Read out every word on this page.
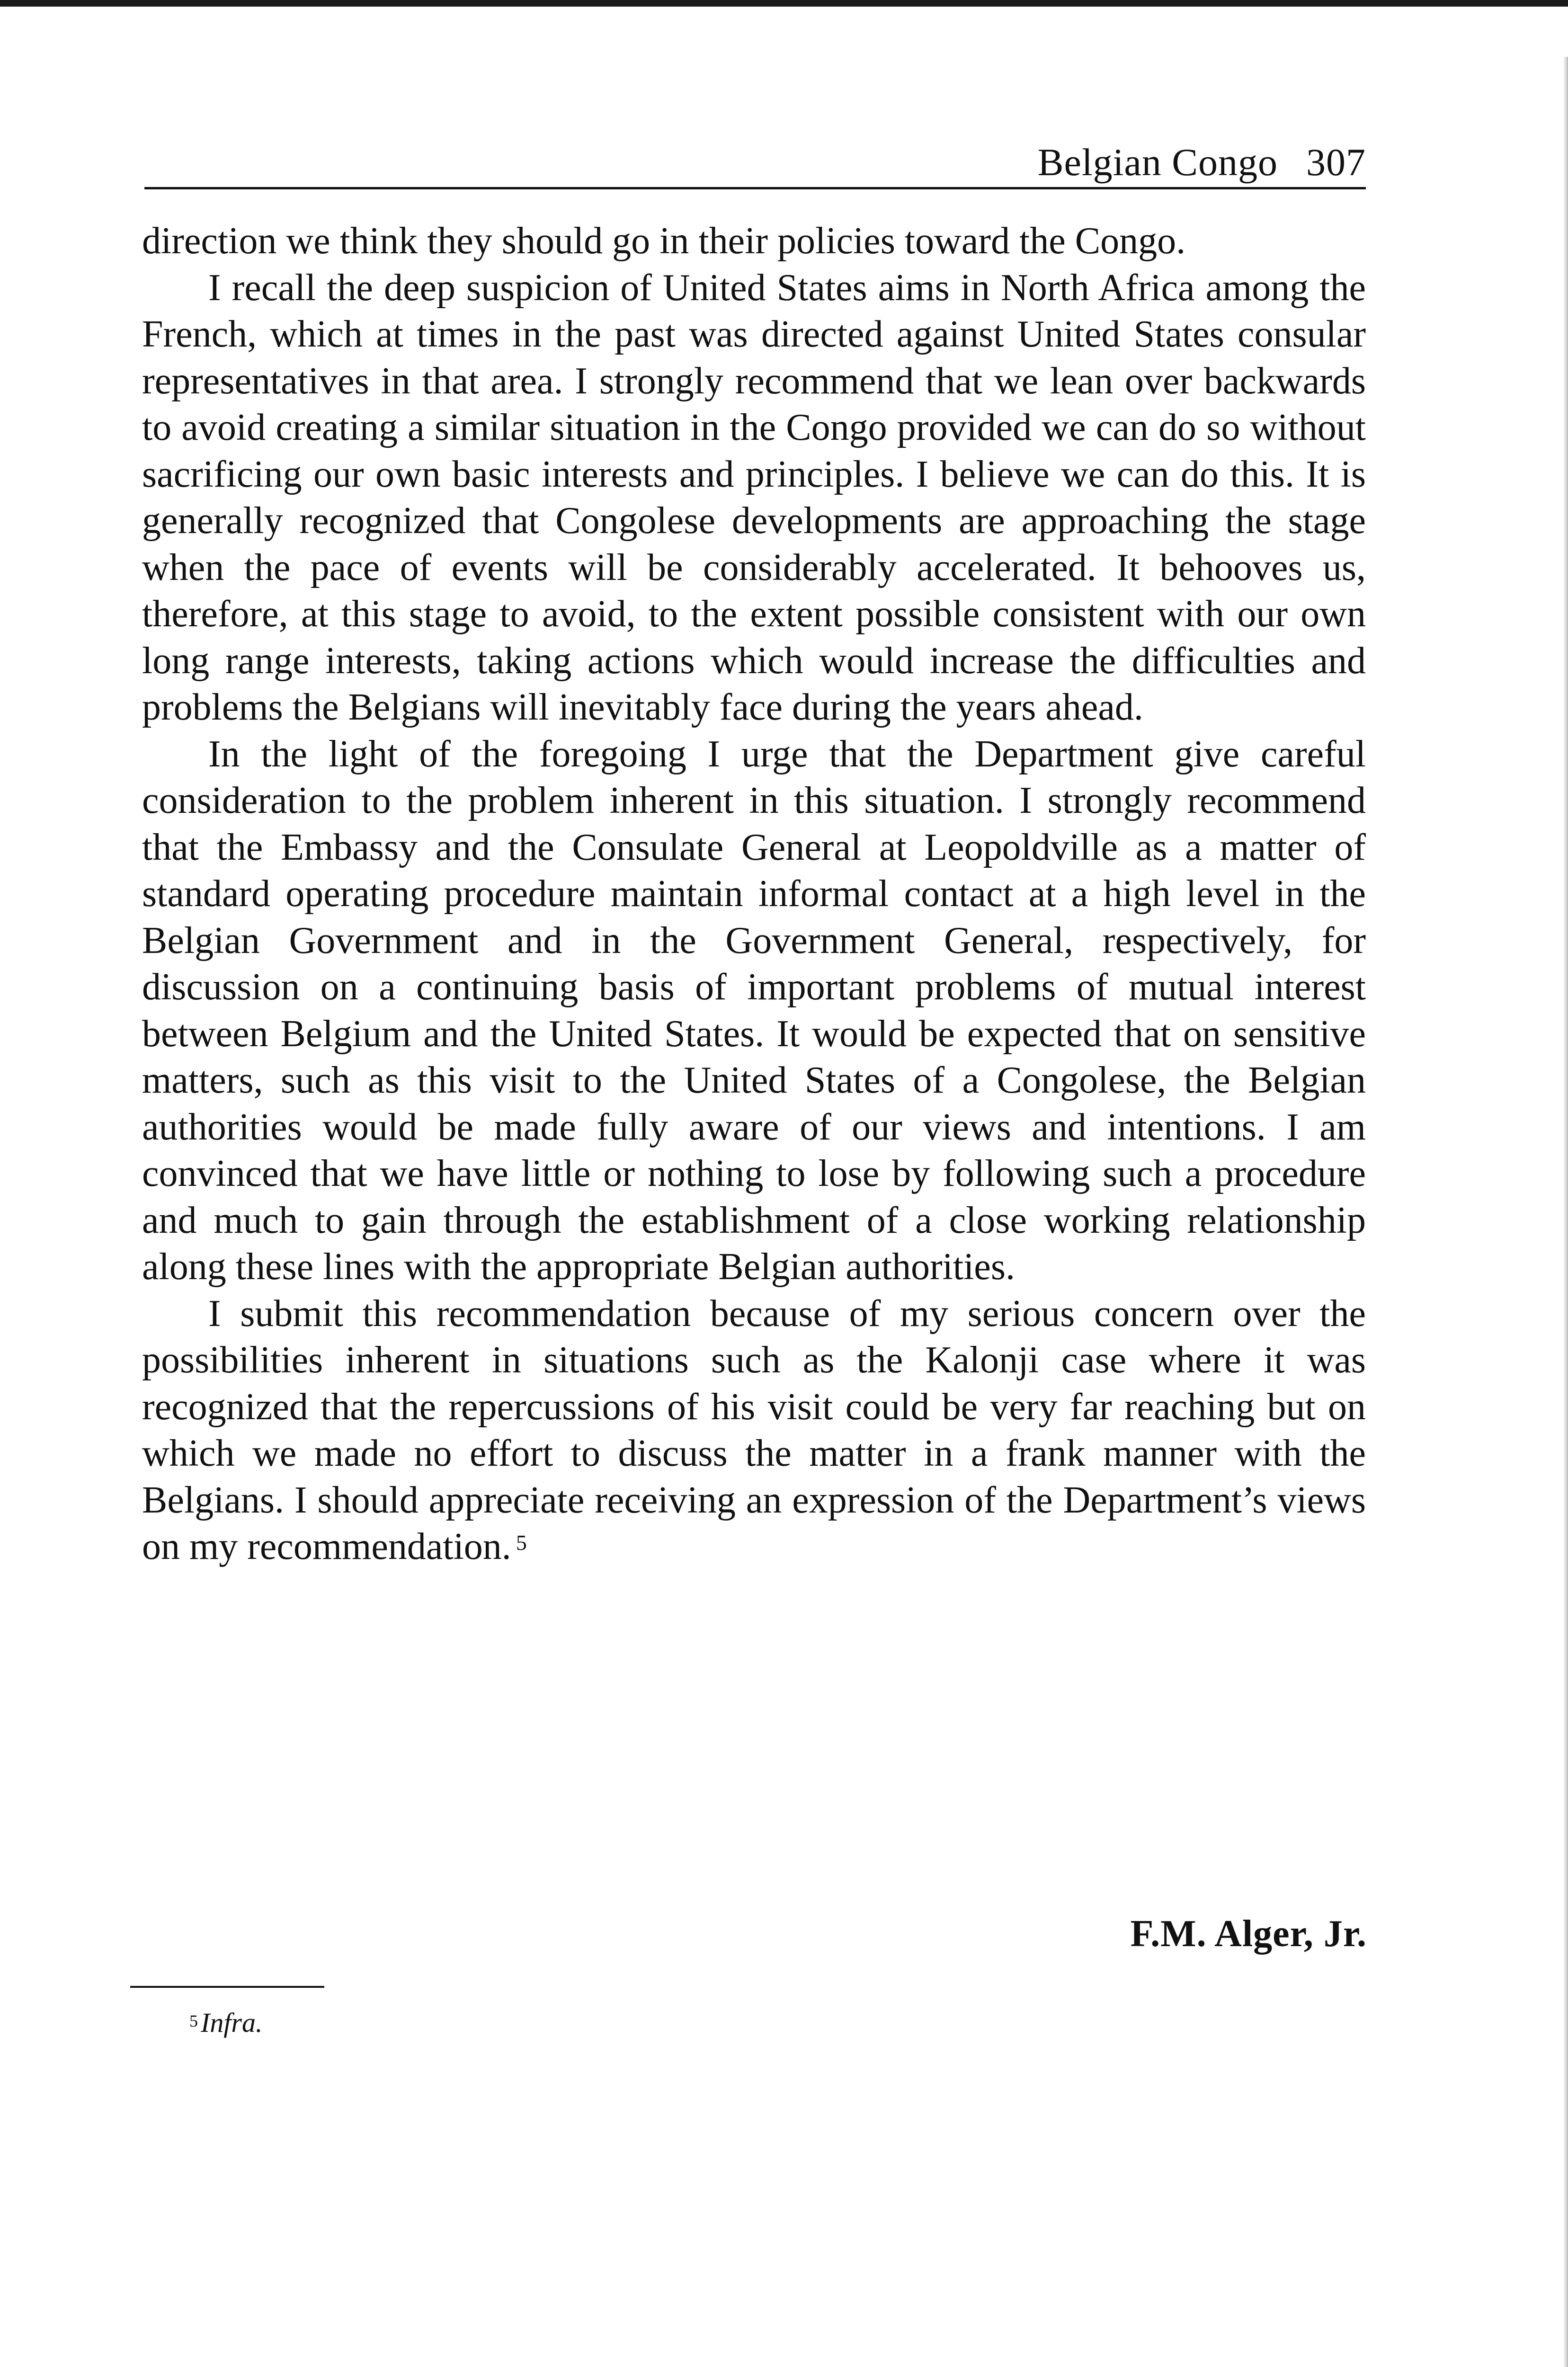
Belgian Congo 307

direction we think they should go in their policies toward the Congo.

I recall the deep suspicion of United States aims in North Africa among the French, which at times in the past was directed against United States consular representatives in that area. I strongly recommend that we lean over backwards to avoid creating a similar situation in the Congo provided we can do so without sacrificing our own basic interests and principles. I believe we can do this. It is generally recognized that Congolese developments are approaching the stage when the pace of events will be considerably accelerated. It behooves us, therefore, at this stage to avoid, to the extent possible consistent with our own long range interests, taking actions which would increase the difficulties and problems the Belgians will inevitably face during the years ahead.

In the light of the foregoing I urge that the Department give careful consideration to the problem inherent in this situation. I strongly recommend that the Embassy and the Consulate General at Leopoldville as a matter of standard operating procedure maintain informal contact at a high level in the Belgian Government and in the Government General, respectively, for discussion on a continuing basis of important problems of mutual interest between Belgium and the United States. It would be expected that on sensitive matters, such as this visit to the United States of a Congolese, the Belgian authorities would be made fully aware of our views and intentions. I am convinced that we have little or nothing to lose by following such a procedure and much to gain through the establishment of a close working relationship along these lines with the appropriate Belgian authorities.

I submit this recommendation because of my serious concern over the possibilities inherent in situations such as the Kalonji case where it was recognized that the repercussions of his visit could be very far reaching but on which we made no effort to discuss the matter in a frank manner with the Belgians. I should appreciate receiving an expression of the Department’s views on my recommendation. $^5$

F.M. Alger, Jr.
$^5$ Infra.
